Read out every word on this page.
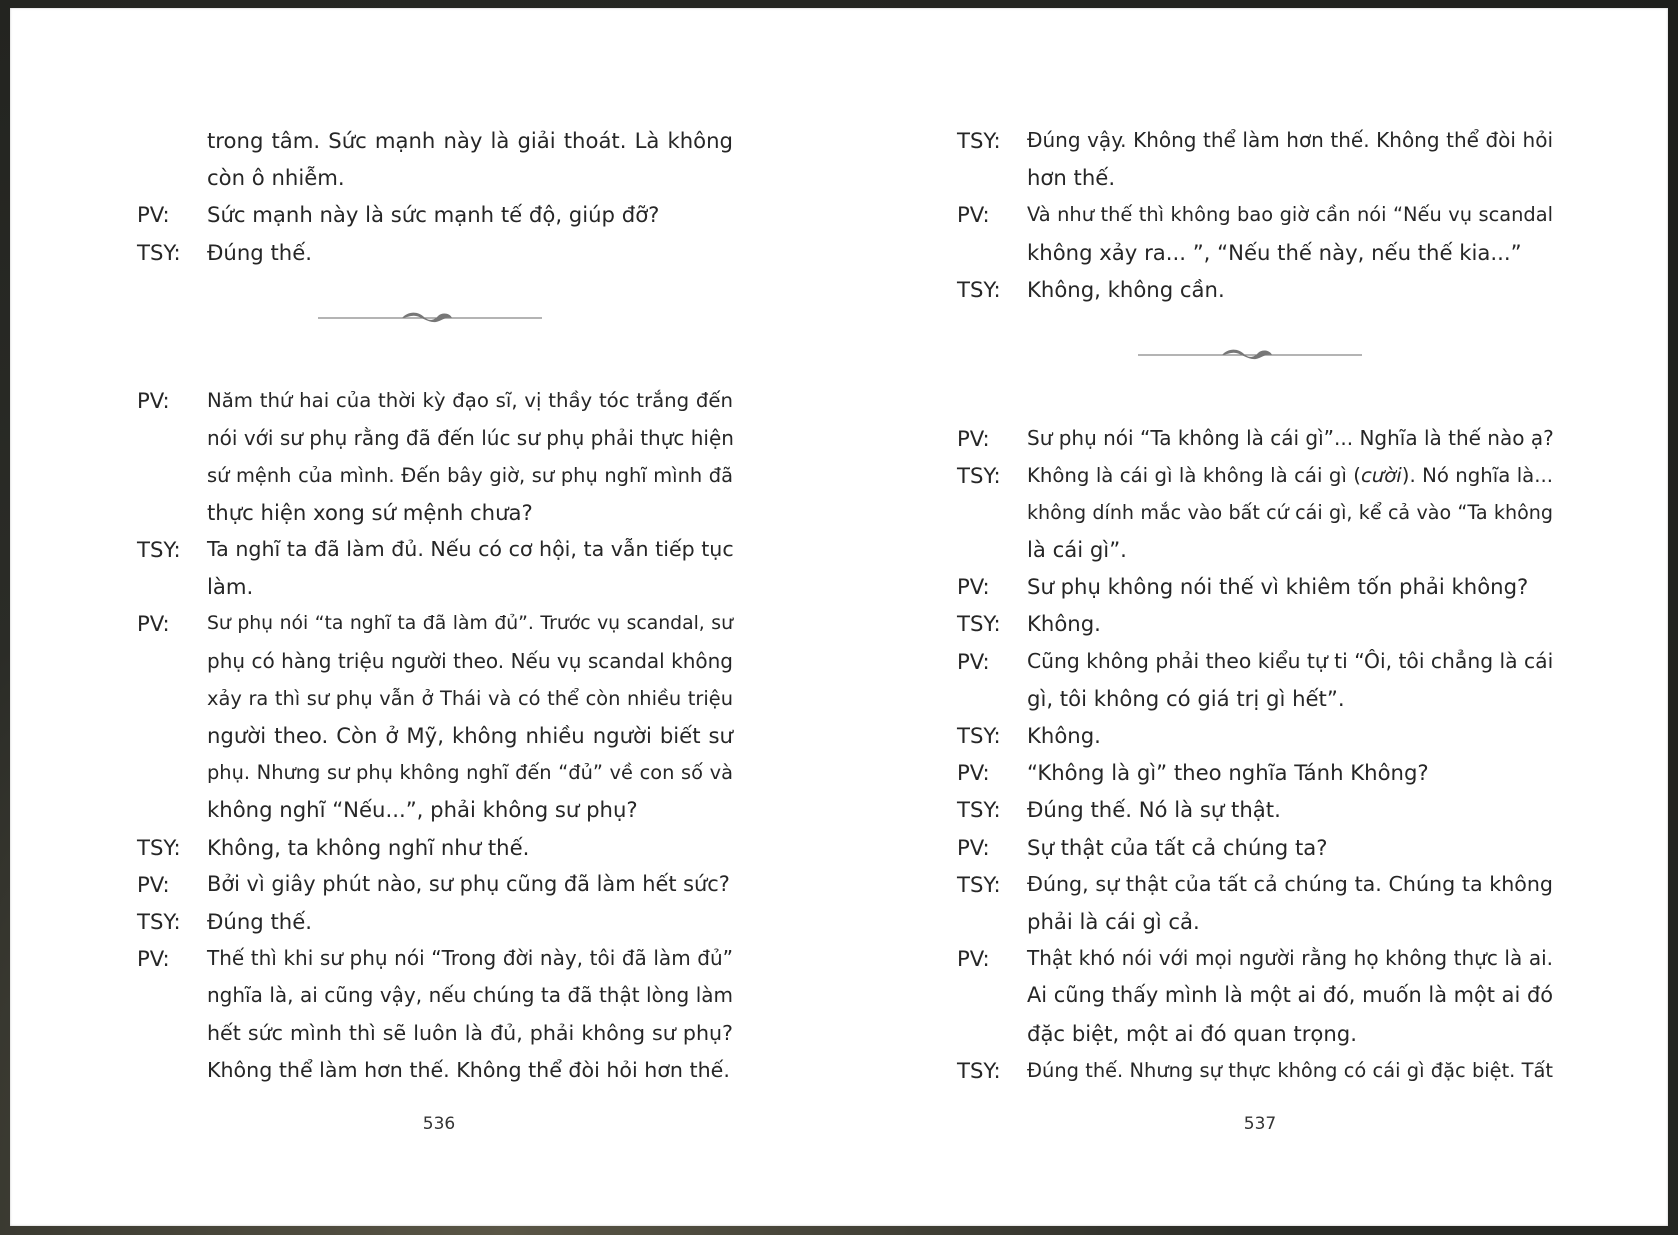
trong tâm. Sức mạnh này là giải thoát. Là không
còn ô nhiễm.
PV: Sức mạnh này là sức mạnh tế độ, giúp đỡ?
TSY: Đúng thế.
PV: Năm thứ hai của thời kỳ đạo sĩ, vị thầy tóc trắng đến
nói với sư phụ rằng đã đến lúc sư phụ phải thực hiện
sứ mệnh của mình. Đến bây giờ, sư phụ nghĩ mình đã
thực hiện xong sứ mệnh chưa?
TSY: Ta nghĩ ta đã làm đủ. Nếu có cơ hội, ta vẫn tiếp tục
làm.
PV: Sư phụ nói “ta nghĩ ta đã làm đủ”. Trước vụ scandal, sư
phụ có hàng triệu người theo. Nếu vụ scandal không
xảy ra thì sư phụ vẫn ở Thái và có thể còn nhiều triệu
người theo. Còn ở Mỹ, không nhiều người biết sư
phụ. Nhưng sư phụ không nghĩ đến “đủ” về con số và
không nghĩ “Nếu...”, phải không sư phụ?
TSY: Không, ta không nghĩ như thế.
PV: Bởi vì giây phút nào, sư phụ cũng đã làm hết sức?
TSY: Đúng thế.
PV: Thế thì khi sư phụ nói “Trong đời này, tôi đã làm đủ”
nghĩa là, ai cũng vậy, nếu chúng ta đã thật lòng làm
hết sức mình thì sẽ luôn là đủ, phải không sư phụ?
Không thể làm hơn thế. Không thể đòi hỏi hơn thế.
536
TSY: Đúng vậy. Không thể làm hơn thế. Không thể đòi hỏi
hơn thế.
PV: Và như thế thì không bao giờ cần nói “Nếu vụ scandal
không xảy ra... ”, “Nếu thế này, nếu thế kia...”
TSY: Không, không cần.
PV: Sư phụ nói “Ta không là cái gì”... Nghĩa là thế nào ạ?
TSY: Không là cái gì là không là cái gì (cười). Nó nghĩa là...
không dính mắc vào bất cứ cái gì, kể cả vào “Ta không
là cái gì”.
PV: Sư phụ không nói thế vì khiêm tốn phải không?
TSY: Không.
PV: Cũng không phải theo kiểu tự ti “Ôi, tôi chẳng là cái
gì, tôi không có giá trị gì hết”.
TSY: Không.
PV: “Không là gì” theo nghĩa Tánh Không?
TSY: Đúng thế. Nó là sự thật.
PV: Sự thật của tất cả chúng ta?
TSY: Đúng, sự thật của tất cả chúng ta. Chúng ta không
phải là cái gì cả.
PV: Thật khó nói với mọi người rằng họ không thực là ai.
Ai cũng thấy mình là một ai đó, muốn là một ai đó
đặc biệt, một ai đó quan trọng.
TSY: Đúng thế. Nhưng sự thực không có cái gì đặc biệt. Tất
537
